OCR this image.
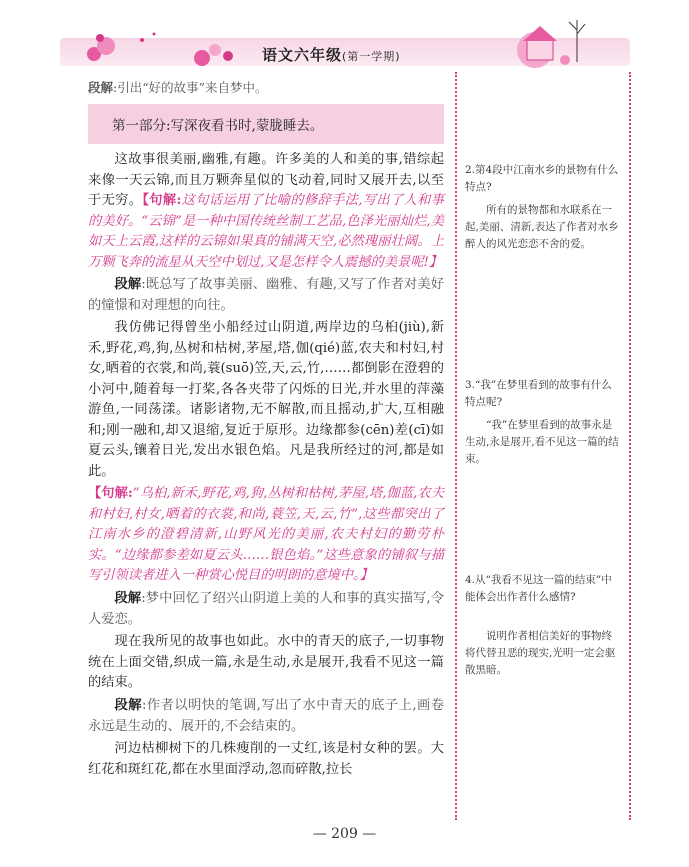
语文六年级(第一学期)
段解:引出“好的故事”来自梦中。
第一部分:写深夜看书时,蒙胧睡去。
这故事很美丽,幽雅,有趣。许多美的人和美的事,错综起来像一天云锦,而且万颗奔星似的飞动着,同时又展开去,以至于无穷。【句解:这句话运用了比喻的修辞手法,写出了人和事的美好。“云锦”是一种中国传统丝制工艺品,色泽光丽灿烂,美如天上云霞,这样的云锦如果真的铺满天空,必然瑰丽壮阔。上万颗飞奔的流星从天空中划过,又是怎样令人震撼的美景呢!】
段解:既总写了故事美丽、幽雅、有趣,又写了作者对美好的憧憬和对理想的向往。
我仿佛记得曾坐小船经过山阴道,两岸边的乌桕(jiù),新禾,野花,鸡,狗,丛树和枯树,茅屋,塔,伽(qié)蓝,农夫和村妇,村女,晒着的衣裳,和尚,蓑(suō)笠,天,云,竹,……都倒影在澄碧的小河中,随着每一打桨,各各夹带了闪烁的日光,并水里的萍藻游鱼,一同荡漾。诸影诸物,无不解散,而且摇动,扩大,互相融和;刚一融和,却又退缩,复近于原形。边缘都参(cēn)差(cī)如夏云头,镶着日光,发出水银色焰。凡是我所经过的河,都是如此。
【句解:“乌桕,新禾,野花,鸡,狗,丛树和枯树,茅屋,塔,伽蓝,农夫和村妇,村女,晒着的衣裳,和尚,蓑笠,天,云,竹”,这些都突出了江南水乡的澄碧清新,山野风光的美丽,农夫村妇的勤劳朴实。“边缘都参差如夏云头……银色焰。”这些意象的铺叙与描写引领读者进入一种赏心悦目的明朗的意境中。】
段解:梦中回忆了绍兴山阴道上美的人和事的真实描写,令人爱恋。
现在我所见的故事也如此。水中的青天的底子,一切事物统在上面交错,织成一篇,永是生动,永是展开,我看不见这一篇的结束。
段解:作者以明快的笔调,写出了水中青天的底子上,画卷永远是生动的、展开的,不会结束的。
2.第4段中江南水乡的景物有什么特点?
所有的景物都和水联系在一起,美丽、清新,表达了作者对水乡醉人的风光恋恋不舍的爱。
3.“我”在梦里看到的故事有什么特点呢?
“我”在梦里看到的故事永是生动,永是展开,看不见这一篇的结束。
4.从“我看不见这一篇的结束”中能体会出作者什么感情?
说明作者相信美好的事物终将代替丑恶的现实,光明一定会驱散黑暗。
— 209 —
河边枯柳树下的几株瘦削的一丈红,该是村女种的罢。大红花和斑红花,都在水里面浮动,忽而碎散,拉长
